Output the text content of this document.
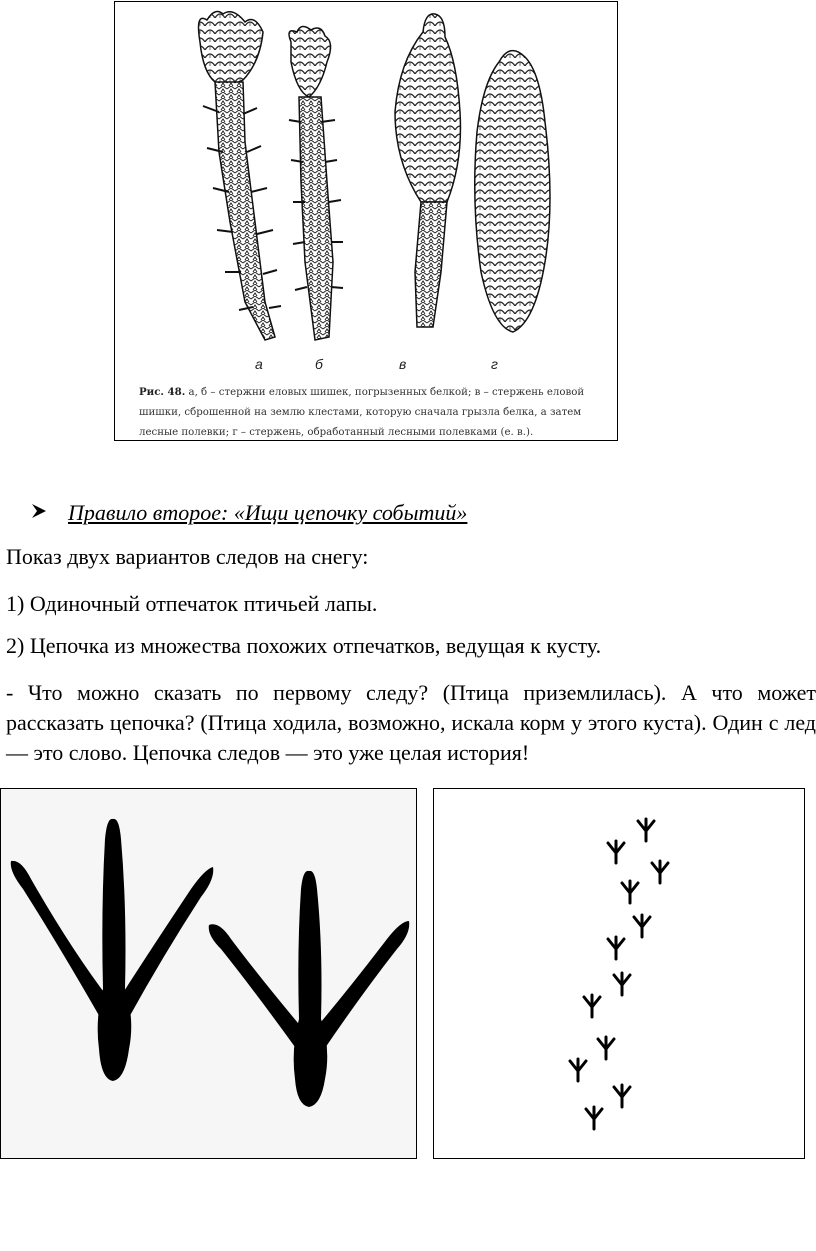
а	б	в	г
Рис. 48. а, б – стержни еловых шишек, погрызенных белкой; в – стержень еловой шишки, сброшенной на землю клестами, которую сначала грызла белка, а затем лесные полевки; г – стержень, обработанный лесными полевками (е. в.).
Правило второе: «Ищи цепочку событий»
Показ двух вариантов следов на снегу:
1) Одиночный отпечаток птичьей лапы.
2) Цепочка из множества похожих отпечатков, ведущая к кусту.
- Что можно сказать по первому следу? (Птица приземлилась). А что может рассказать цепочка? (Птица ходила, возможно, искала корм у этого куста). Один с лед — это слово. Цепочка следов — это уже целая история!
